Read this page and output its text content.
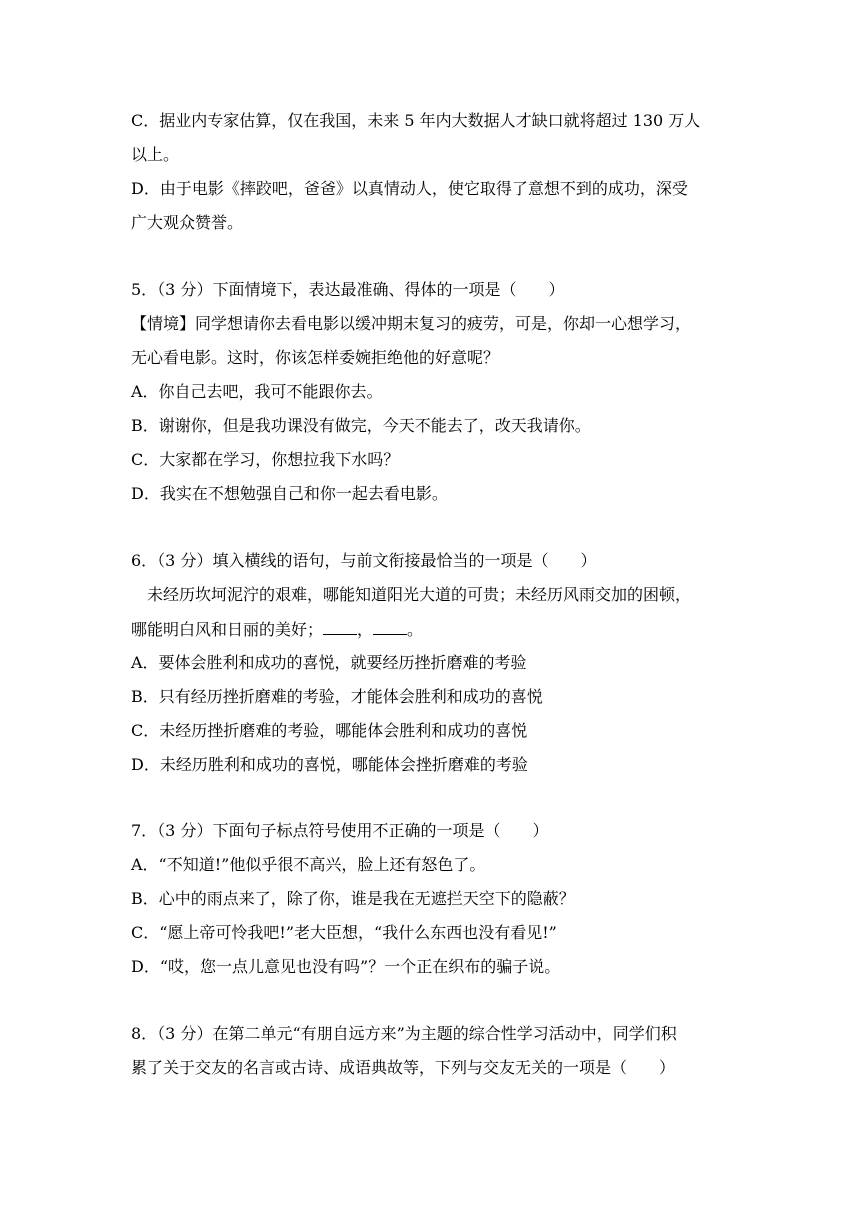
C．据业内专家估算，仅在我国，未来 5 年内大数据人才缺口就将超过 130 万人
以上。
D．由于电影《摔跤吧，爸爸》以真情动人，使它取得了意想不到的成功，深受
广大观众赞誉。
5．（3 分）下面情境下，表达最准确、得体的一项是（　　）
【情境】同学想请你去看电影以缓冲期末复习的疲劳，可是，你却一心想学习，
无心看电影。这时，你该怎样委婉拒绝他的好意呢？
A．你自己去吧，我可不能跟你去。
B．谢谢你，但是我功课没有做完，今天不能去了，改天我请你。
C．大家都在学习，你想拉我下水吗？
D．我实在不想勉强自己和你一起去看电影。
6．（3 分）填入横线的语句，与前文衔接最恰当的一项是（　　）
未经历坎坷泥泞的艰难，哪能知道阳光大道的可贵；未经历风雨交加的困顿，
哪能明白风和日丽的美好； ， 。
A．要体会胜利和成功的喜悦，就要经历挫折磨难的考验
B．只有经历挫折磨难的考验，才能体会胜利和成功的喜悦
C．未经历挫折磨难的考验，哪能体会胜利和成功的喜悦
D．未经历胜利和成功的喜悦，哪能体会挫折磨难的考验
7．（3 分）下面句子标点符号使用不正确的一项是（　　）
A．“不知道!”他似乎很不高兴，脸上还有怒色了。
B．心中的雨点来了，除了你，谁是我在无遮拦天空下的隐蔽？
C．“愿上帝可怜我吧!”老大臣想，“我什么东西也没有看见!”
D．“哎，您一点儿意见也没有吗”？一个正在织布的骗子说。
8．（3 分）在第二单元“有朋自远方来”为主题的综合性学习活动中，同学们积
累了关于交友的名言或古诗、成语典故等，下列与交友无关的一项是（　　）
